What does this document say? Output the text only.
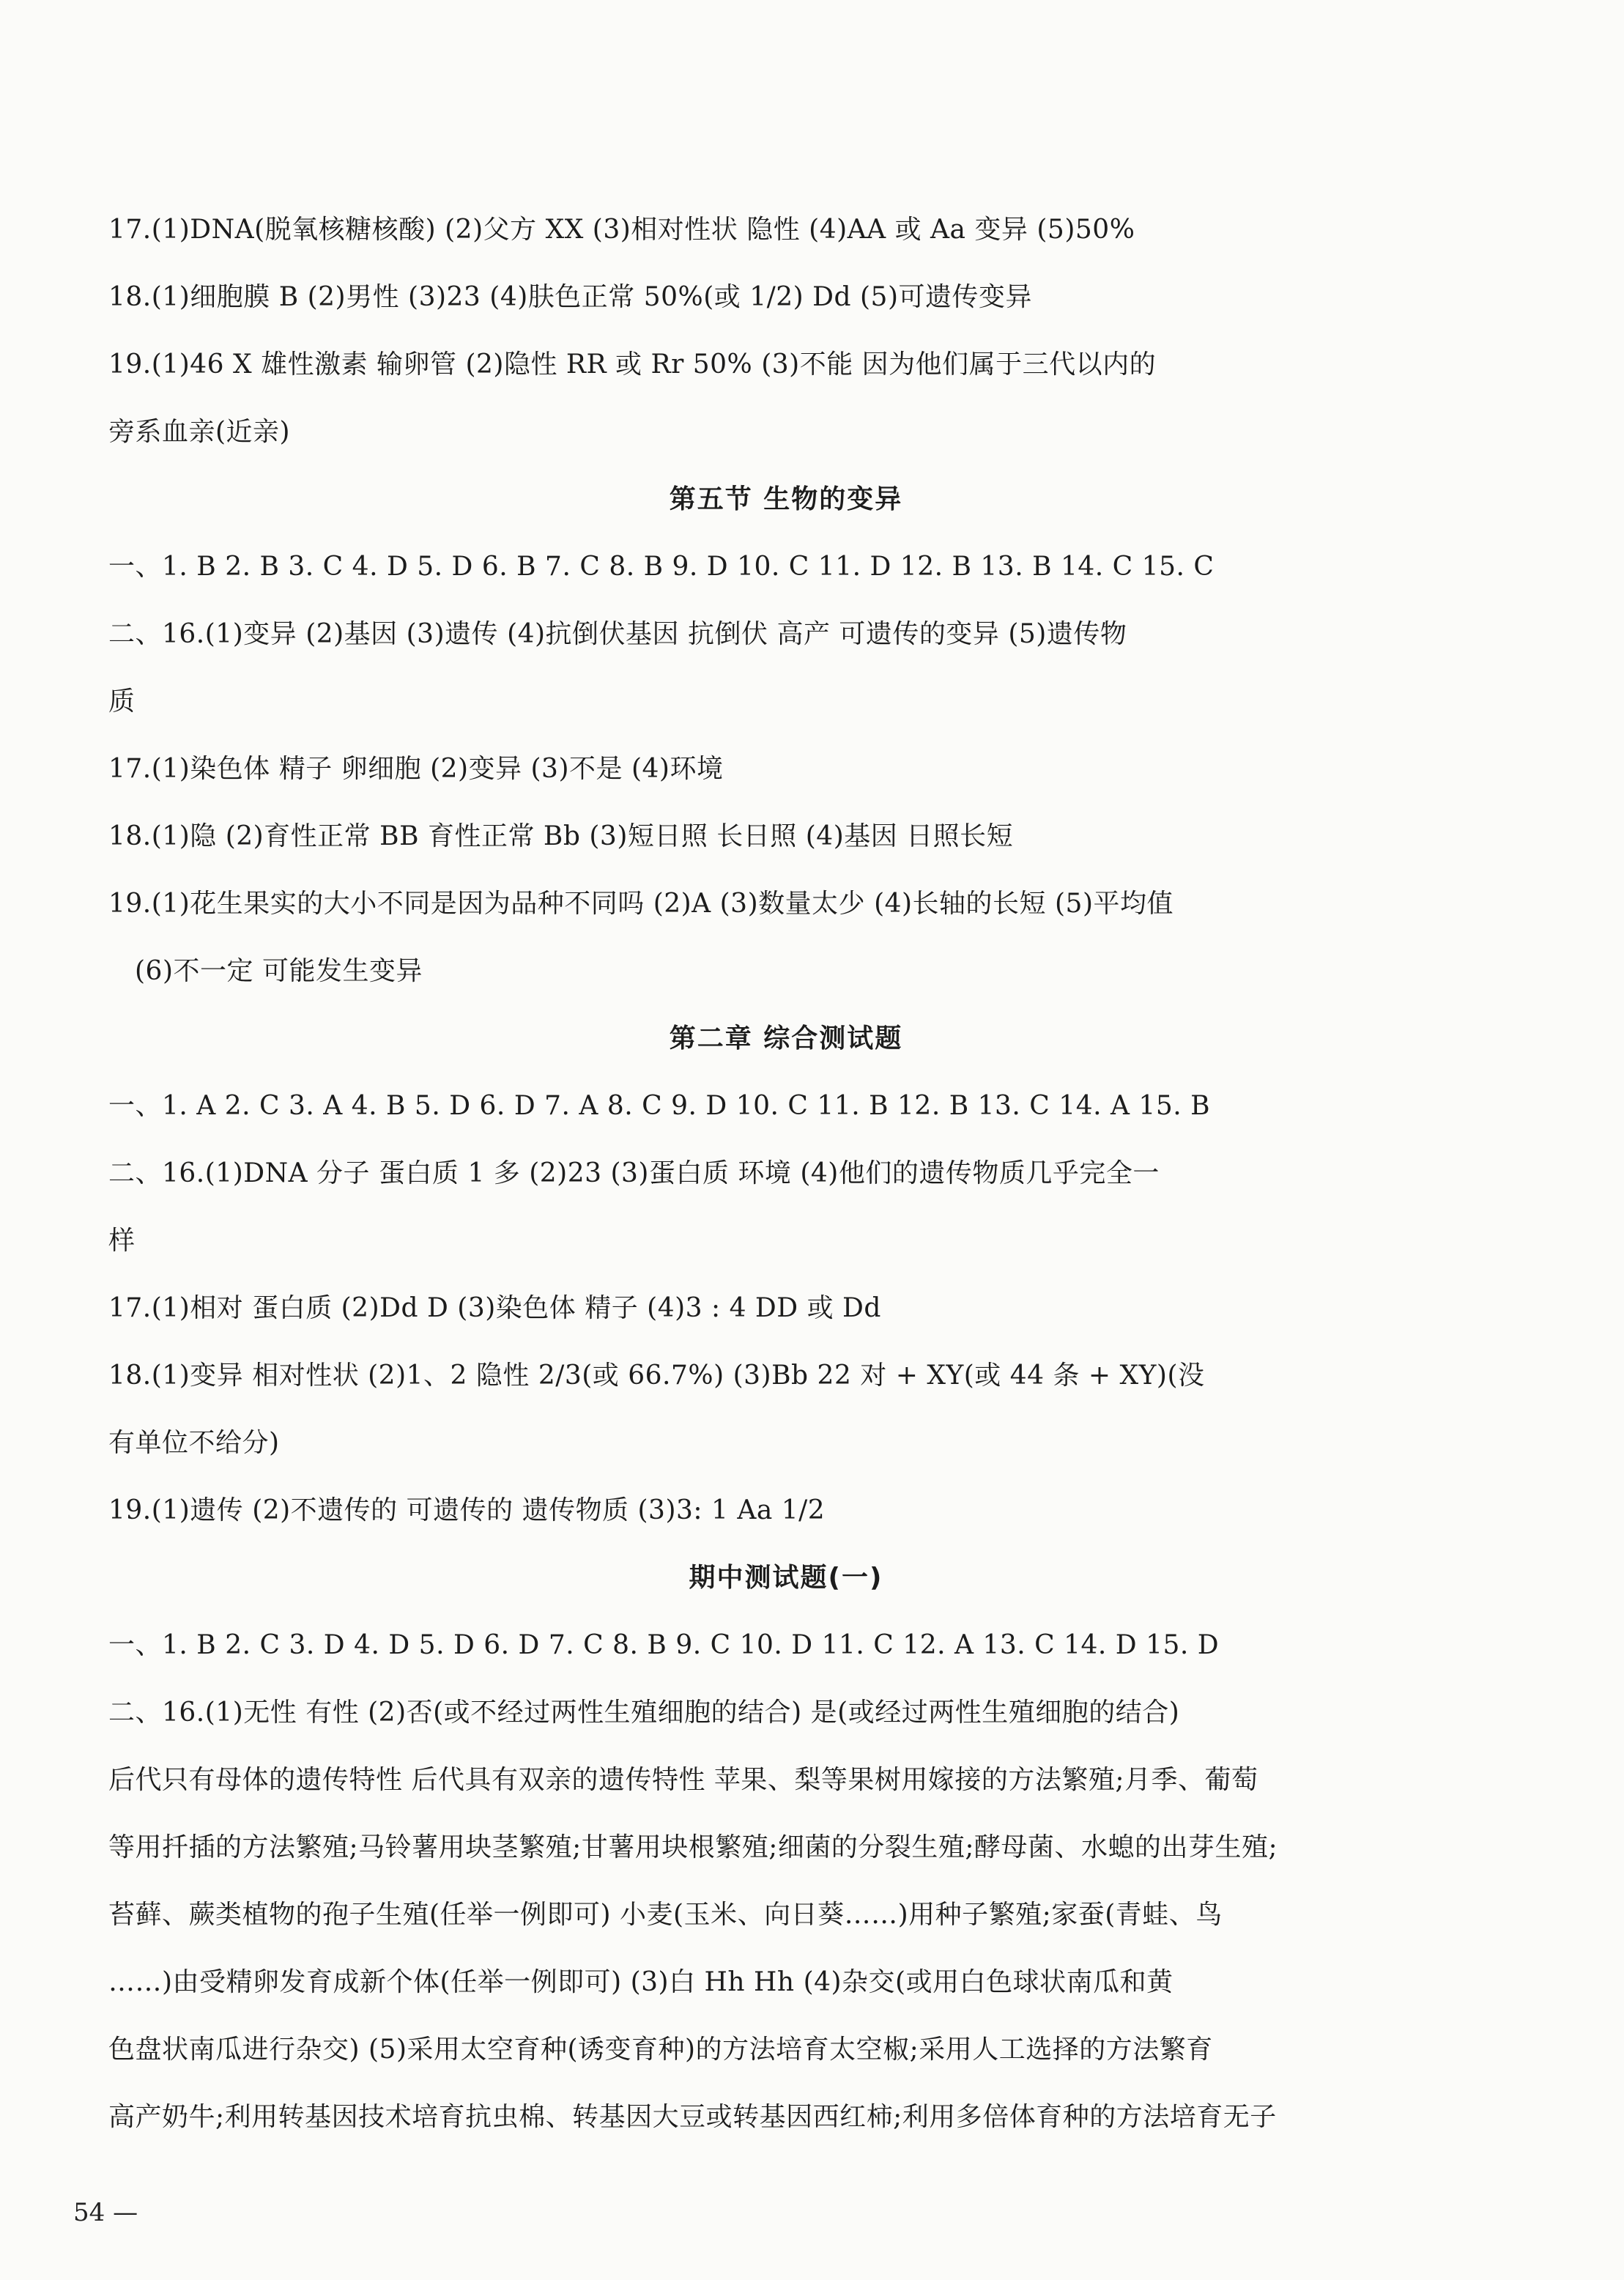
17.(1)DNA(脱氧核糖核酸) (2)父方 XX (3)相对性状 隐性 (4)AA 或 Aa 变异 (5)50%
18.(1)细胞膜 B (2)男性 (3)23 (4)肤色正常 50%(或 1/2) Dd (5)可遗传变异
19.(1)46 X 雄性激素 输卵管 (2)隐性 RR 或 Rr 50% (3)不能 因为他们属于三代以内的
旁系血亲(近亲)
第五节 生物的变异
一、1. B 2. B 3. C 4. D 5. D 6. B 7. C 8. B 9. D 10. C 11. D 12. B 13. B 14. C 15. C
二、16.(1)变异 (2)基因 (3)遗传 (4)抗倒伏基因 抗倒伏 高产 可遗传的变异 (5)遗传物
质
17.(1)染色体 精子 卵细胞 (2)变异 (3)不是 (4)环境
18.(1)隐 (2)育性正常 BB 育性正常 Bb (3)短日照 长日照 (4)基因 日照长短
19.(1)花生果实的大小不同是因为品种不同吗 (2)A (3)数量太少 (4)长轴的长短 (5)平均值
(6)不一定 可能发生变异
第二章 综合测试题
一、1. A 2. C 3. A 4. B 5. D 6. D 7. A 8. C 9. D 10. C 11. B 12. B 13. C 14. A 15. B
二、16.(1)DNA 分子 蛋白质 1 多 (2)23 (3)蛋白质 环境 (4)他们的遗传物质几乎完全一
样
17.(1)相对 蛋白质 (2)Dd D (3)染色体 精子 (4)3 : 4 DD 或 Dd
18.(1)变异 相对性状 (2)1、2 隐性 2/3(或 66.7%) (3)Bb 22 对 + XY(或 44 条 + XY)(没
有单位不给分)
19.(1)遗传 (2)不遗传的 可遗传的 遗传物质 (3)3: 1 Aa 1/2
期中测试题(一)
一、1. B 2. C 3. D 4. D 5. D 6. D 7. C 8. B 9. C 10. D 11. C 12. A 13. C 14. D 15. D
二、16.(1)无性 有性 (2)否(或不经过两性生殖细胞的结合) 是(或经过两性生殖细胞的结合)
后代只有母体的遗传特性 后代具有双亲的遗传特性 苹果、梨等果树用嫁接的方法繁殖;月季、葡萄
等用扦插的方法繁殖;马铃薯用块茎繁殖;甘薯用块根繁殖;细菌的分裂生殖;酵母菌、水螅的出芽生殖;
苔藓、蕨类植物的孢子生殖(任举一例即可) 小麦(玉米、向日葵……)用种子繁殖;家蚕(青蛙、鸟
……)由受精卵发育成新个体(任举一例即可) (3)白 Hh Hh (4)杂交(或用白色球状南瓜和黄
色盘状南瓜进行杂交) (5)采用太空育种(诱变育种)的方法培育太空椒;采用人工选择的方法繁育
高产奶牛;利用转基因技术培育抗虫棉、转基因大豆或转基因西红柿;利用多倍体育种的方法培育无子
54 —
